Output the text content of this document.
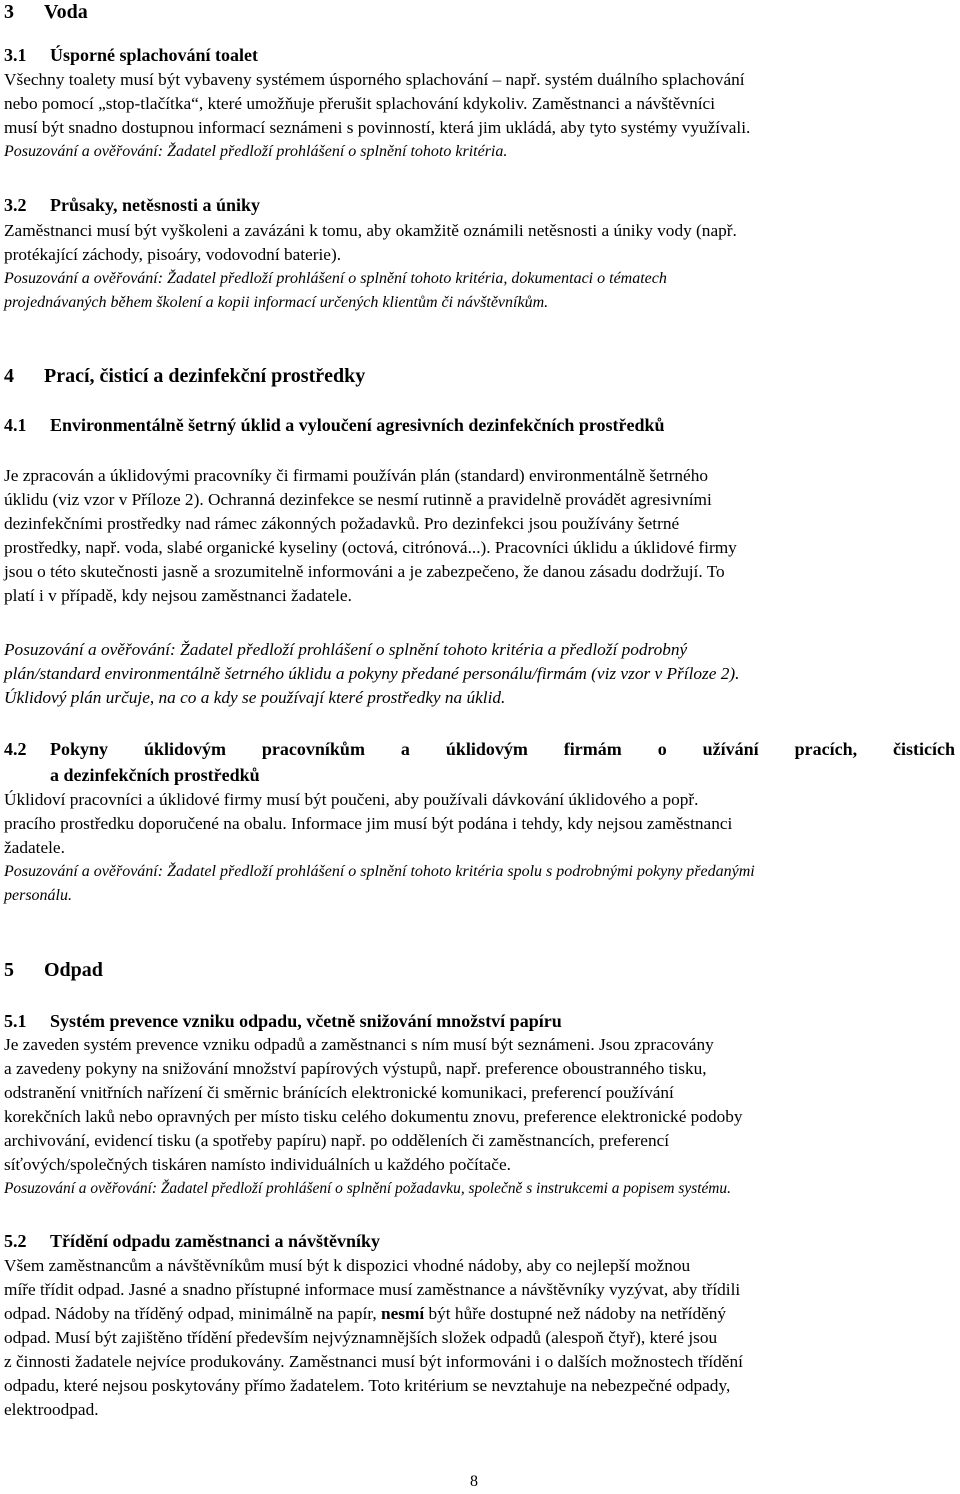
3 Voda
3.1 Úsporné splachování toalet
Všechny toalety musí být vybaveny systémem úsporného splachování – např. systém duálního splachování
nebo pomocí „stop-tlačítka“, které umožňuje přerušit splachování kdykoliv. Zaměstnanci a návštěvníci
musí být snadno dostupnou informací seznámeni s povinností, která jim ukládá, aby tyto systémy využívali.
Posuzování a ověřování: Žadatel předloží prohlášení o splnění tohoto kritéria.
3.2 Průsaky, netěsnosti a úniky
Zaměstnanci musí být vyškoleni a zavázáni k tomu, aby okamžitě oznámili netěsnosti a úniky vody (např.
protékající záchody, pisoáry, vodovodní baterie).
Posuzování a ověřování: Žadatel předloží prohlášení o splnění tohoto kritéria, dokumentaci o tématech
projednávaných během školení a kopii informací určených klientům či návštěvníkům.
4 Prací, čisticí a dezinfekční prostředky
4.1 Environmentálně šetrný úklid a vyloučení agresivních dezinfekčních prostředků
Je zpracován a úklidovými pracovníky či firmami používán plán (standard) environmentálně šetrného
úklidu (viz vzor v Příloze 2). Ochranná dezinfekce se nesmí rutinně a pravidelně provádět agresivními
dezinfekčními prostředky nad rámec zákonných požadavků. Pro dezinfekci jsou používány šetrné
prostředky, např. voda, slabé organické kyseliny (octová, citrónová...). Pracovníci úklidu a úklidové firmy
jsou o této skutečnosti jasně a srozumitelně informováni a je zabezpečeno, že danou zásadu dodržují. To
platí i v případě, kdy nejsou zaměstnanci žadatele.
Posuzování a ověřování: Žadatel předloží prohlášení o splnění tohoto kritéria a předloží podrobný
plán/standard environmentálně šetrného úklidu a pokyny předané personálu/firmám (viz vzor v Příloze 2).
Úklidový plán určuje, na co a kdy se používají které prostředky na úklid.
4.2 Pokyny úklidovým pracovníkům a úklidovým firmám o užívání pracích, čisticích
a dezinfekčních prostředků
Úklidoví pracovníci a úklidové firmy musí být poučeni, aby používali dávkování úklidového a popř.
pracího prostředku doporučené na obalu. Informace jim musí být podána i tehdy, kdy nejsou zaměstnanci
žadatele.
Posuzování a ověřování: Žadatel předloží prohlášení o splnění tohoto kritéria spolu s podrobnými pokyny předanými
personálu.
5 Odpad
5.1 Systém prevence vzniku odpadu, včetně snižování množství papíru
Je zaveden systém prevence vzniku odpadů a zaměstnanci s ním musí být seznámeni. Jsou zpracovány
a zavedeny pokyny na snižování množství papírových výstupů, např. preference oboustranného tisku,
odstranění vnitřních nařízení či směrnic bránících elektronické komunikaci, preferencí používání
korekčních laků nebo opravných per místo tisku celého dokumentu znovu, preference elektronické podoby
archivování, evidencí tisku (a spotřeby papíru) např. po odděleních či zaměstnancích, preferencí
síťových/společných tiskáren namísto individuálních u každého počítače.
Posuzování a ověřování: Žadatel předloží prohlášení o splnění požadavku, společně s instrukcemi a popisem systému.
5.2 Třídění odpadu zaměstnanci a návštěvníky
Všem zaměstnancům a návštěvníkům musí být k dispozici vhodné nádoby, aby co nejlepší možnou
míře třídit odpad. Jasné a snadno přístupné informace musí zaměstnance a návštěvníky vyzývat, aby třídili
odpad. Nádoby na tříděný odpad, minimálně na papír, nesmí být hůře dostupné než nádoby na netříděný
odpad. Musí být zajištěno třídění především nejvýznamnějších složek odpadů (alespoň čtyř), které jsou
z činnosti žadatele nejvíce produkovány. Zaměstnanci musí být informováni i o dalších možnostech třídění
odpadu, které nejsou poskytovány přímo žadatelem. Toto kritérium se nevztahuje na nebezpečné odpady,
elektroodpad.
8
